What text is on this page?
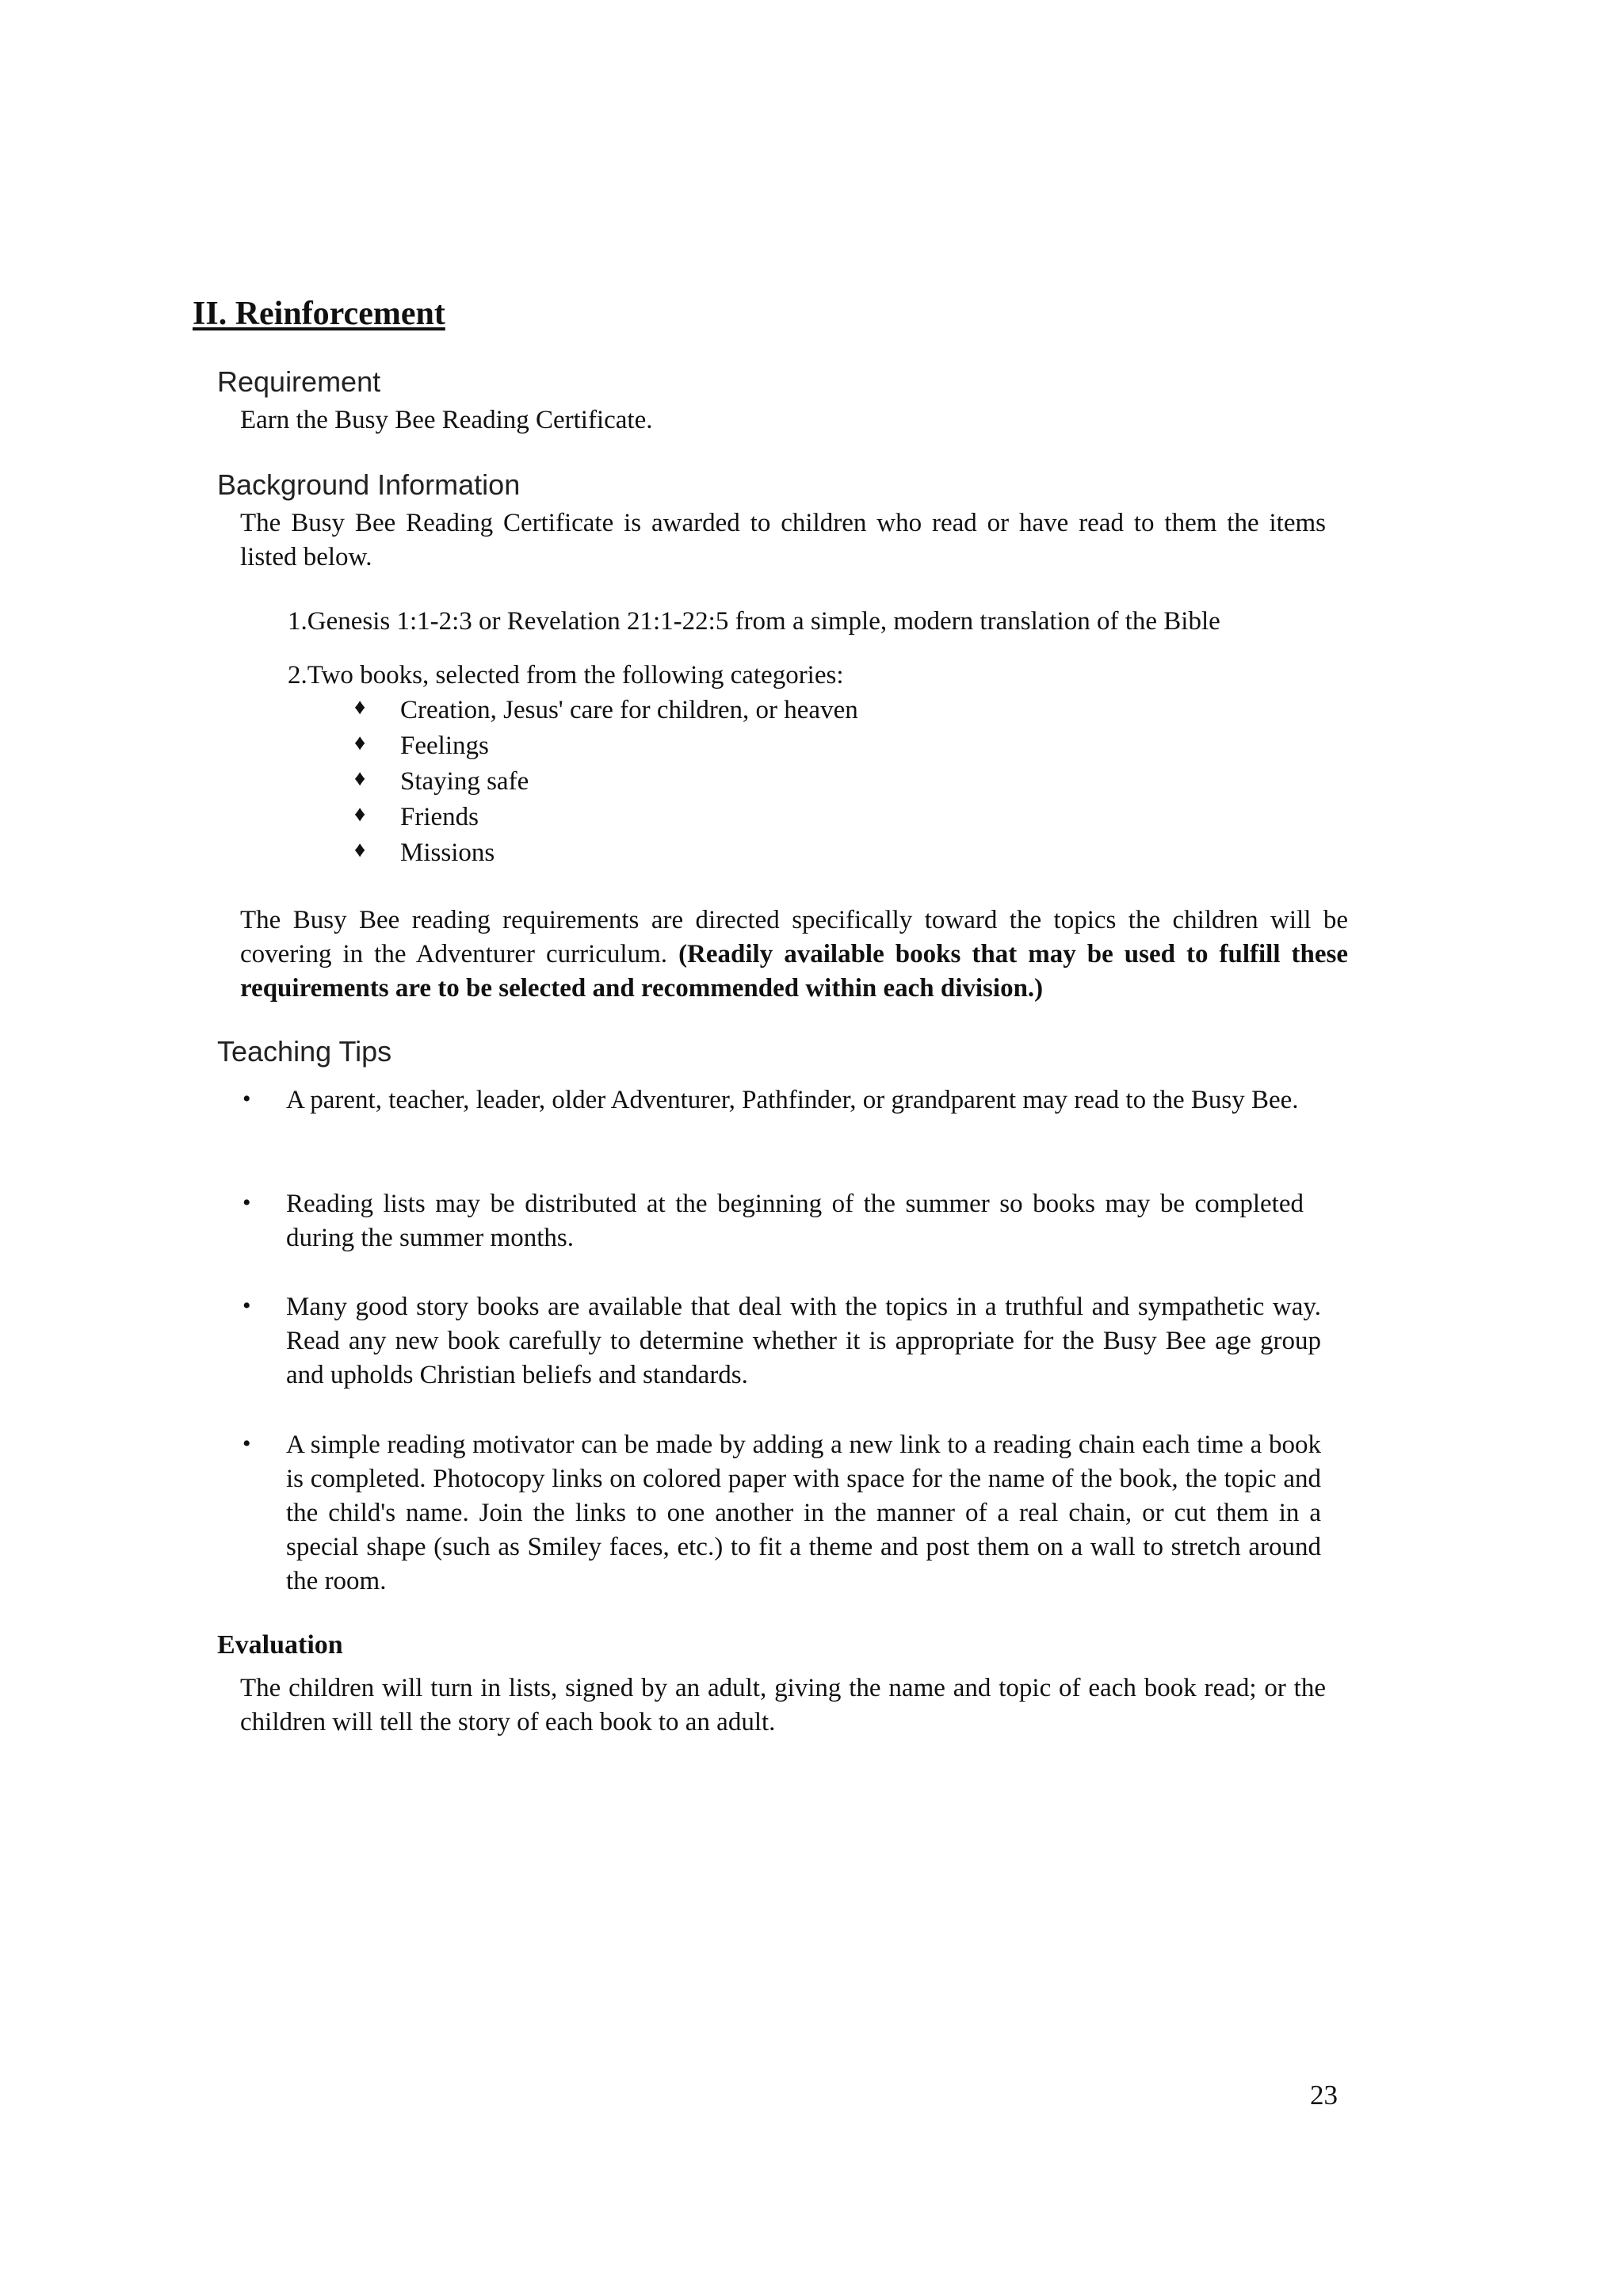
II. Reinforcement
Requirement
Earn the Busy Bee Reading Certificate.
Background Information

The Busy Bee Reading Certificate is awarded to children who read or have read to them the items listed below.

1.Genesis 1:1-2:3 or Revelation 21:1-22:5 from a simple, modern translation of the Bible
2.Two books, selected from the following categories:
♦ Creation, Jesus' care for children, or heaven
♦ Feelings
♦ Staying safe
♦ Friends
♦ Missions

The Busy Bee reading requirements are directed specifically toward the topics the children will be covering in the Adventurer curriculum. (Readily available books that may be used to fulfill these requirements are to be selected and recommended within each division.)

Teaching Tips
• A parent, teacher, leader, older Adventurer, Pathfinder, or grandparent may read to the Busy Bee.

• Reading lists may be distributed at the beginning of the summer so books may be completed during the summer months.

• Many good story books are available that deal with the topics in a truthful and sympathetic way. Read any new book carefully to determine whether it is appropriate for the Busy Bee age group and upholds Christian beliefs and standards.

• A simple reading motivator can be made by adding a new link to a reading chain each time a book is completed. Photocopy links on colored paper with space for the name of the book, the topic and the child's name. Join the links to one another in the manner of a real chain, or cut them in a special shape (such as Smiley faces, etc.) to fit a theme and post them on a wall to stretch around the room.

Evaluation

The children will turn in lists, signed by an adult, giving the name and topic of each book read; or the children will tell the story of each book to an adult.

23
